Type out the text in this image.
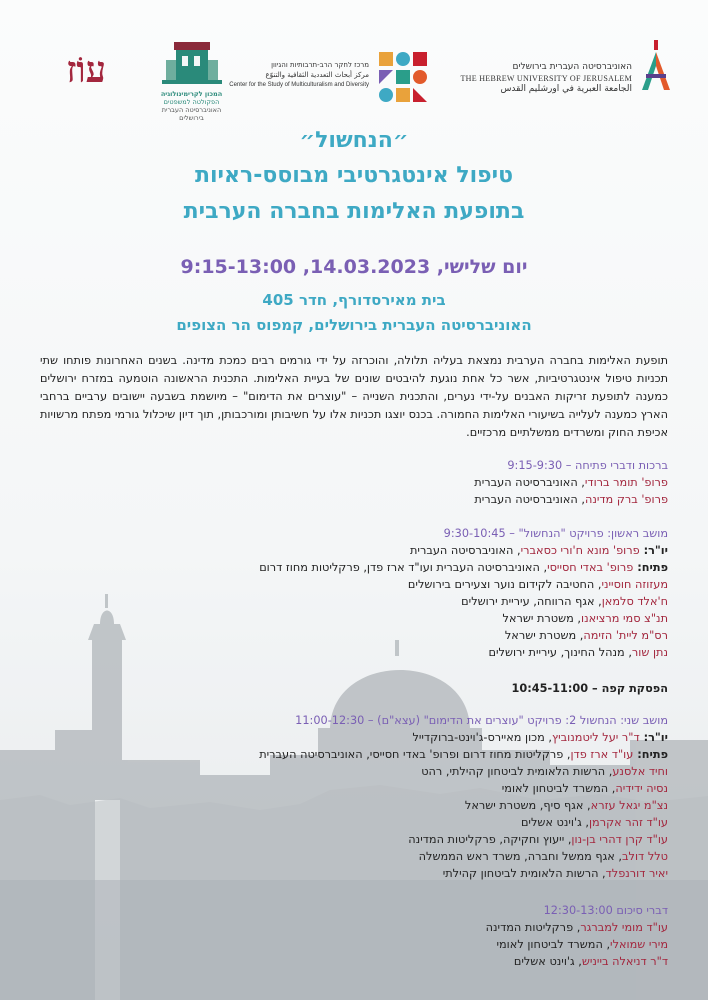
האוניברסיטה העברית בירושלים
THE HEBREW UNIVERSITY OF JERUSALEM
الجامعة العبرية في اورشليم القدس
מרכז לחקר הרב-תרבותיות והגיוון
مركز أبحاث التعددية الثقافية والتنوّع
Center for the Study of Multiculturalism and Diversity
המכון לקרימינולוגיה
הפקולטה למשפטים
האוניברסיטה העברית בירושלים
עוֹז
״הנחשול״
טיפול אינטגרטיבי מבוסס-ראיות
בתופעת האלימות בחברה הערבית
יום שלישי, 14.03.2023, 9:15-13:00
בית מאירסדורף, חדר 405
האוניברסיטה העברית בירושלים, קמפוס הר הצופים
תופעת האלימות בחברה הערבית נמצאת בעליה תלולה, והוכרזה על ידי גורמים רבים כמכת מדינה. בשנים האחרונות פותחו שתי תכניות טיפול אינטגרטיביות, אשר כל אחת נוגעת להיבטים שונים של בעיית האלימות. התכנית הראשונה הוטמעה במזרח ירושלים כמענה לתופעת זריקות האבנים על-ידי נערים, והתכנית השנייה – "עוצרים את הדימום" – מיושמת בשבעה יישובים ערביים ברחבי הארץ כמענה לעלייה בשיעורי האלימות החמורה. בכנס יוצגו תכניות אלו על חשיבותן ומורכבותן, תוך דיון שיכלול גורמי מפתח מרשויות אכיפת החוק ומשרדים ממשלתיים מרכזיים.
ברכות ודברי פתיחה – 9:15-9:30
פרופ' תומר ברודי, האוניברסיטה העברית
פרופ' ברק מדינה, האוניברסיטה העברית
מושב ראשון: פרויקט "הנחשול" – 9:30-10:45
יו"ר: פרופ' מונא ח'ורי כסאברי, האוניברסיטה העברית
פתיח: פרופ' באדי חסייסי, האוניברסיטה העברית ועו"ד ארז פדן, פרקליטות מחוז דרום
מעזוזה חוסייני, החטיבה לקידום נוער וצעירים בירושלים
ח'אלד סלמאן, אגף הרווחה, עיריית ירושלים
תנ"צ סמי מרציאנו, משטרת ישראל
רס"מ ליית' הזימה, משטרת ישראל
נתן שור, מנהל החינוך, עיריית ירושלים
הפסקת קפה – 10:45-11:00
מושב שני: הנחשול 2: פרויקט "עוצרים את הדימום" (עצא"ם) – 11:00-12:30
יו"ר: ד"ר יעל ליטמנוביץ, מכון מאיירס-ג'וינט-ברוקדייל
פתיח: עו"ד ארז פדן, פרקליטות מחוז דרום ופרופ' באדי חסייסי, האוניברסיטה העברית
וחיד אלסנע, הרשות הלאומית לביטחון קהילתי, רהט
נסיה ידידיה, המשרד לביטחון לאומי
נצ"מ יגאל עזרא, אגף סיף, משטרת ישראל
עו"ד זהר אקרמן, ג'וינט אשלים
עו"ד קרן דהרי בן-נון, ייעוץ וחקיקה, פרקליטות המדינה
טלל דולב, אגף ממשל וחברה, משרד ראש הממשלה
יאיר דורנפלד, הרשות הלאומית לביטחון קהילתי
דברי סיכום 12:30-13:00
עו"ד מומי למברגר, פרקליטות המדינה
מירי שמואלי, המשרד לביטחון לאומי
ד"ר דניאלה בייניש, ג'וינט אשלים
